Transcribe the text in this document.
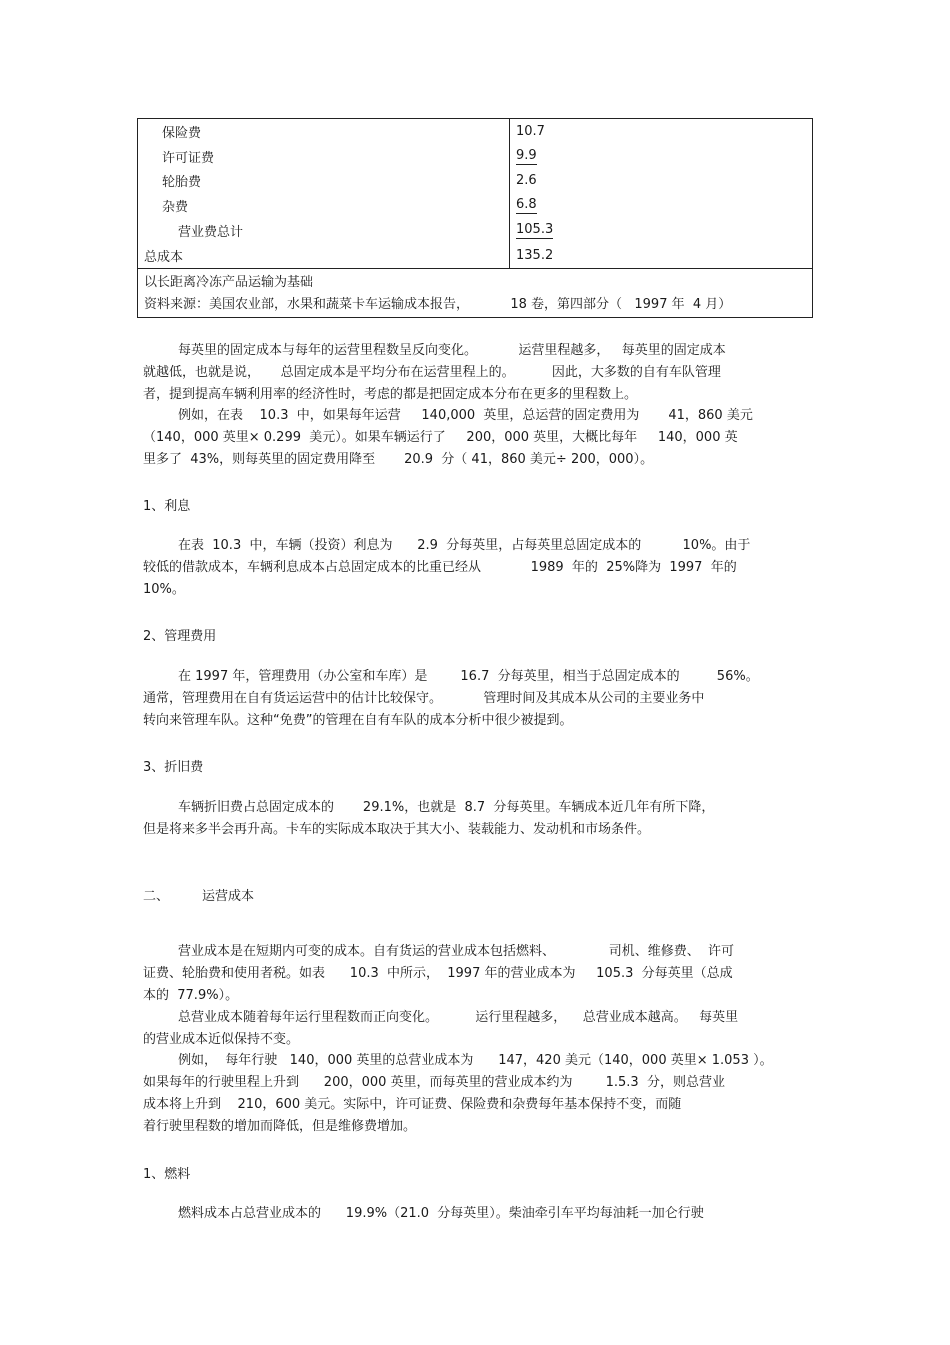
保险费	10.7
许可证费	9.9
轮胎费	2.6
杂费	6.8
营业费总计	105.3
总成本	135.2

以长距离冷冻产品运输为基础
资料来源：美国农业部，水果和蔬菜卡车运输成本报告，          18 卷，第四部分（   1997 年  4 月）	
每英里的固定成本与每年的运营里程数呈反向变化。          运营里程越多，   每英里的固定成本
就越低，也就是说，     总固定成本是平均分布在运营里程上的。         因此，大多数的自有车队管理
者，提到提高车辆利用率的经济性时，考虑的都是把固定成本分布在更多的里程数上。
例如，在表    10.3  中，如果每年运营     140,000  英里，总运营的固定费用为       41，860 美元
（140，000 英里× 0.299  美元）。如果车辆运行了     200，000 英里，大概比每年     140，000 英
里多了  43%，则每英里的固定费用降至       20.9  分（ 41，860 美元÷ 200，000）。
1、利息
在表  10.3  中，车辆（投资）利息为      2.9  分每英里，占每英里总固定成本的          10%。由于
较低的借款成本，车辆利息成本占总固定成本的比重已经从            1989  年的  25%降为  1997  年的
10%。
2、管理费用
在 1997 年，管理费用（办公室和车库）是        16.7  分每英里，相当于总固定成本的         56%。
通常，管理费用在自有货运运营中的估计比较保守。          管理时间及其成本从公司的主要业务中
转向来管理车队。这种“免费”的管理在自有车队的成本分析中很少被提到。
3、折旧费
车辆折旧费占总固定成本的       29.1%，也就是  8.7  分每英里。车辆成本近几年有所下降，
但是将来多半会再升高。卡车的实际成本取决于其大小、装载能力、发动机和市场条件。
二、        运营成本
营业成本是在短期内可变的成本。自有货运的营业成本包括燃料、             司机、维修费、  许可
证费、轮胎费和使用者税。如表      10.3  中所示，  1997 年的营业成本为     105.3  分每英里（总成
本的  77.9%）。
总营业成本随着每年运行里程数而正向变化。         运行里程越多，    总营业成本越高。   每英里
的营业成本近似保持不变。
例如，  每年行驶   140，000 英里的总营业成本为      147，420 美元（140，000 英里× 1.053 ）。
如果每年的行驶里程上升到      200，000 英里，而每英里的营业成本约为        1.5.3  分，则总营业
成本将上升到    210，600 美元。实际中，许可证费、保险费和杂费每年基本保持不变，而随
着行驶里程数的增加而降低，但是维修费增加。
1、燃料
燃料成本占总营业成本的      19.9%（21.0  分每英里）。柴油牵引车平均每油耗一加仑行驶
